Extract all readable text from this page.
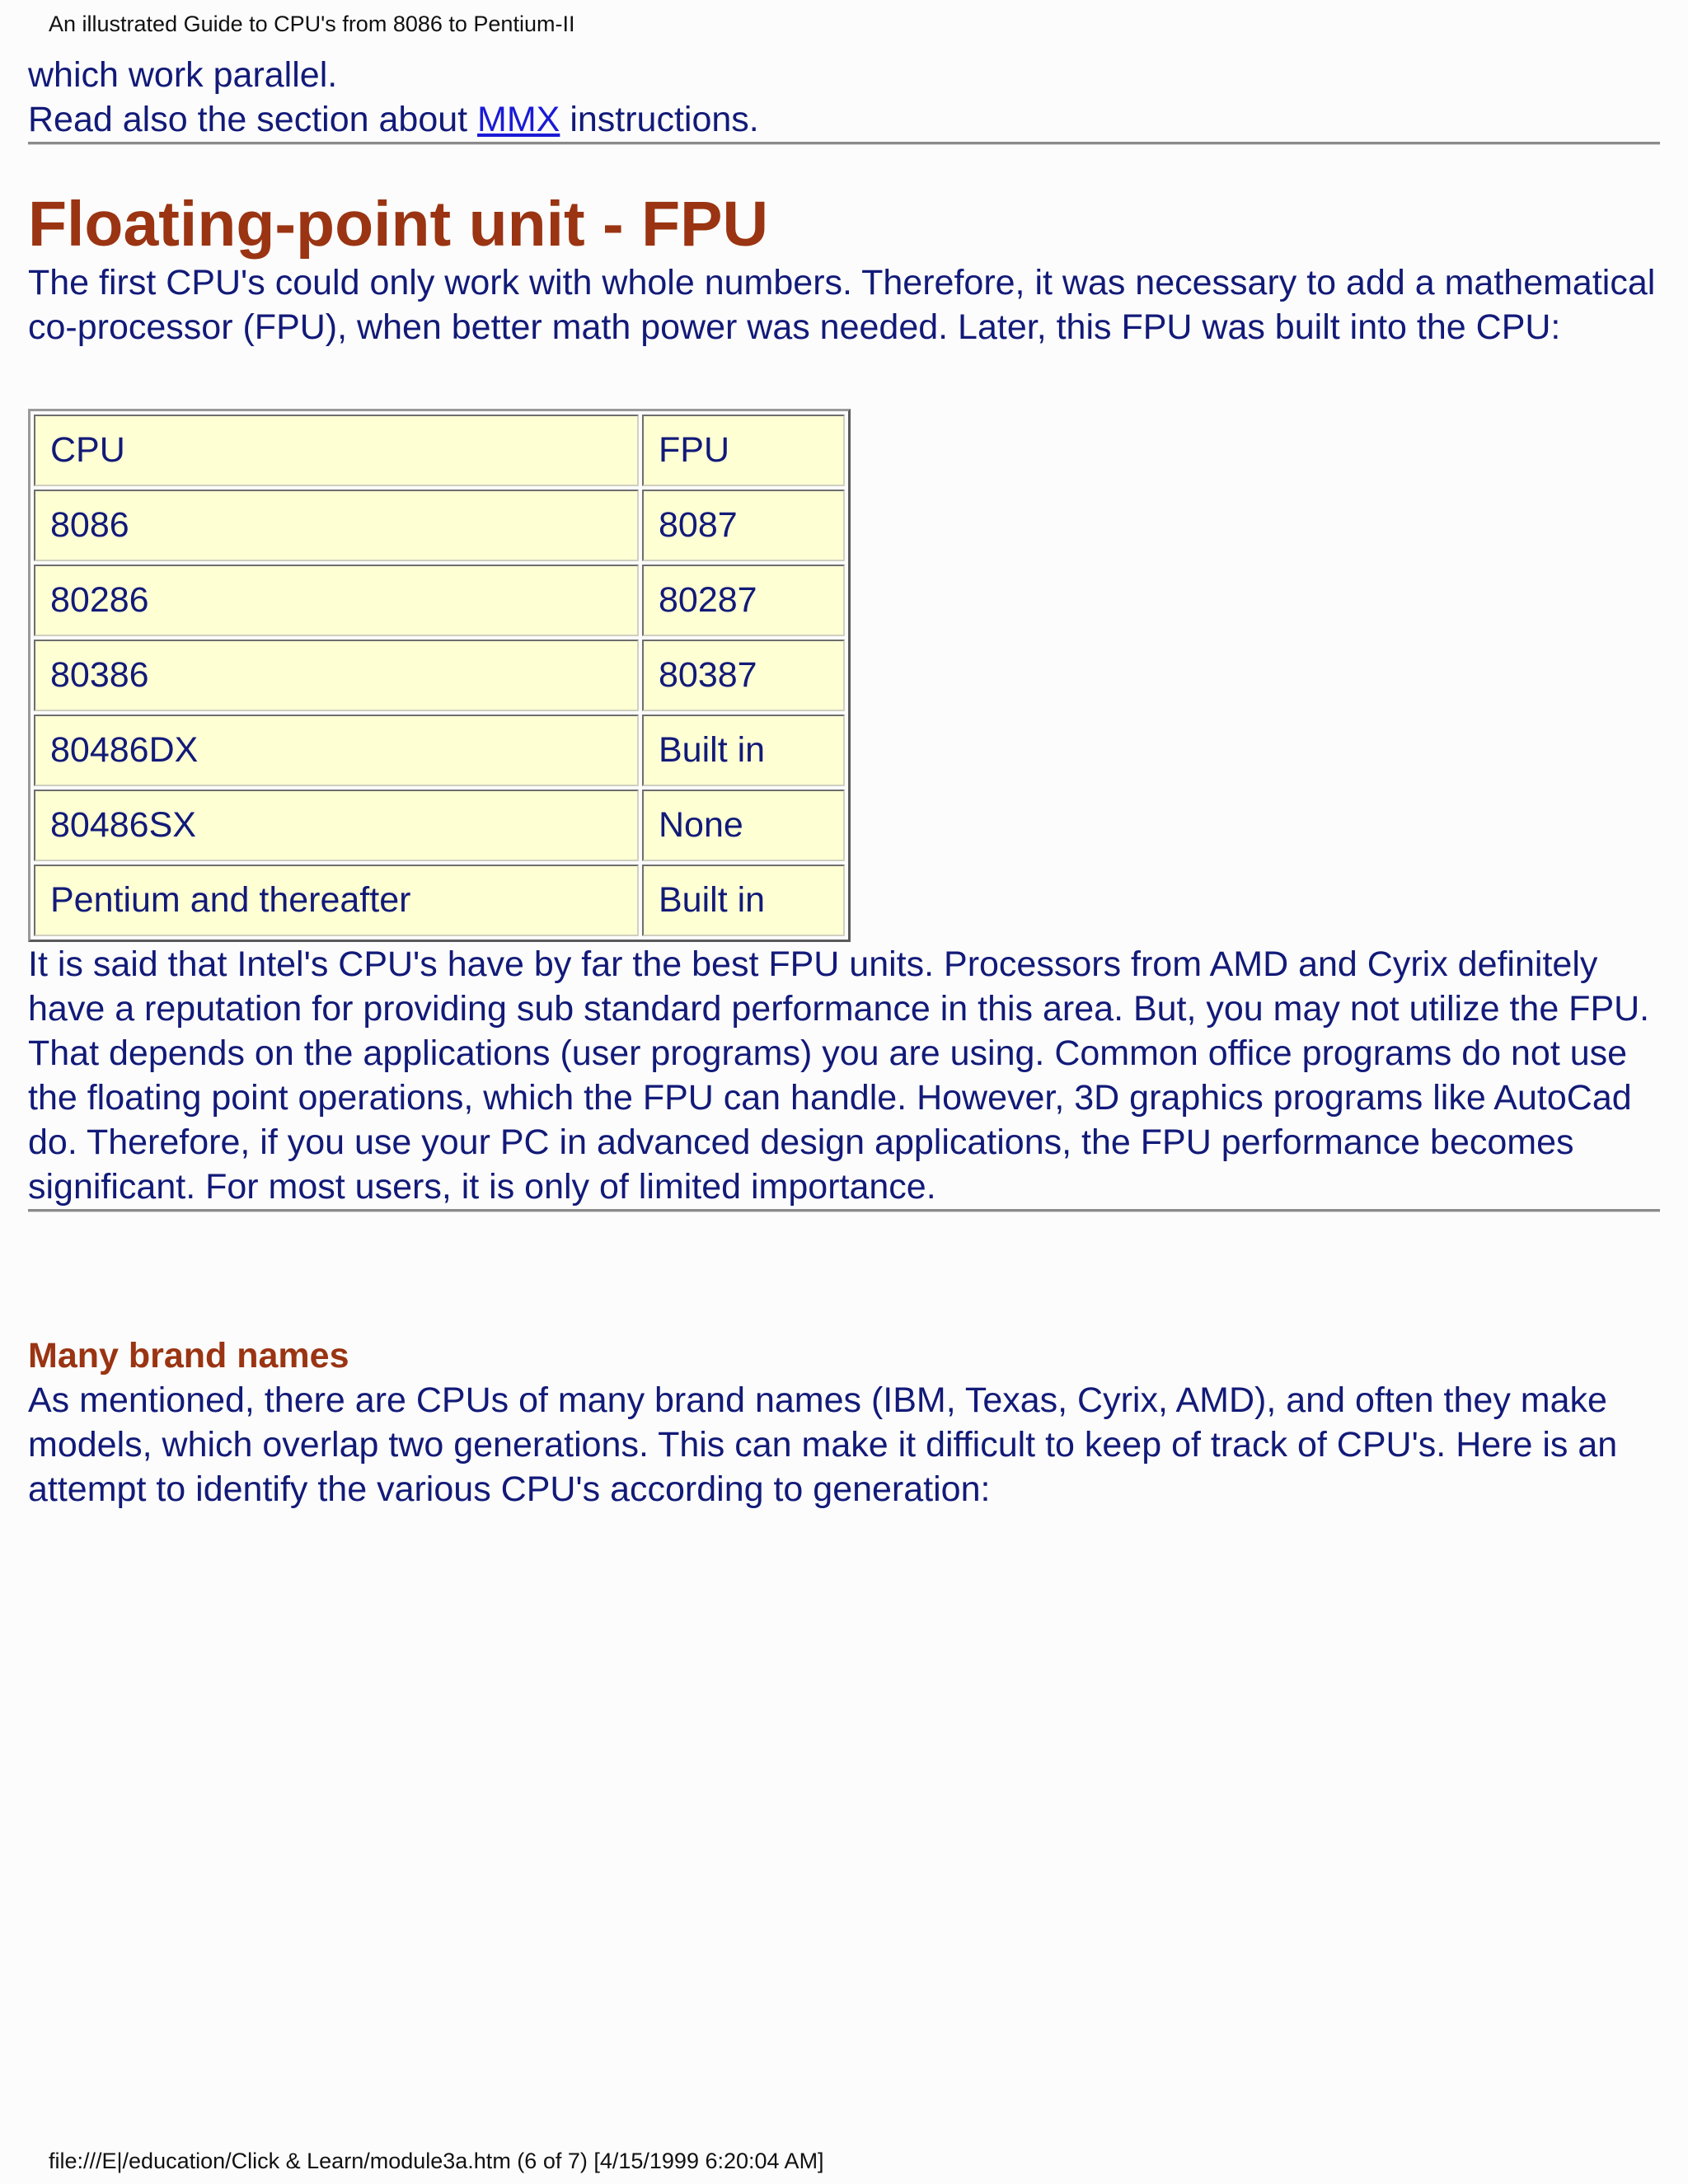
An illustrated Guide to CPU's from 8086 to Pentium-II

which work parallel.

Read also the section about MMX instructions.

Floating-point unit - FPU

The first CPU's could only work with whole numbers. Therefore, it was necessary to add a mathematical co-processor (FPU), when better math power was needed. Later, this FPU was built into the CPU:

CPU	FPU
8086	8087
80286	80287
80386	80387
80486DX	Built in
80486SX	None
Pentium and thereafter	Built in

It is said that Intel's CPU's have by far the best FPU units. Processors from AMD and Cyrix definitely have a reputation for providing sub standard performance in this area. But, you may not utilize the FPU. That depends on the applications (user programs) you are using. Common office programs do not use the floating point operations, which the FPU can handle. However, 3D graphics programs like AutoCad do. Therefore, if you use your PC in advanced design applications, the FPU performance becomes significant. For most users, it is only of limited importance.

Many brand names

As mentioned, there are CPUs of many brand names (IBM, Texas, Cyrix, AMD), and often they make models, which overlap two generations. This can make it difficult to keep of track of CPU's. Here is an attempt to identify the various CPU's according to generation:

file:///E|/education/Click & Learn/module3a.htm (6 of 7) [4/15/1999 6:20:04 AM]
